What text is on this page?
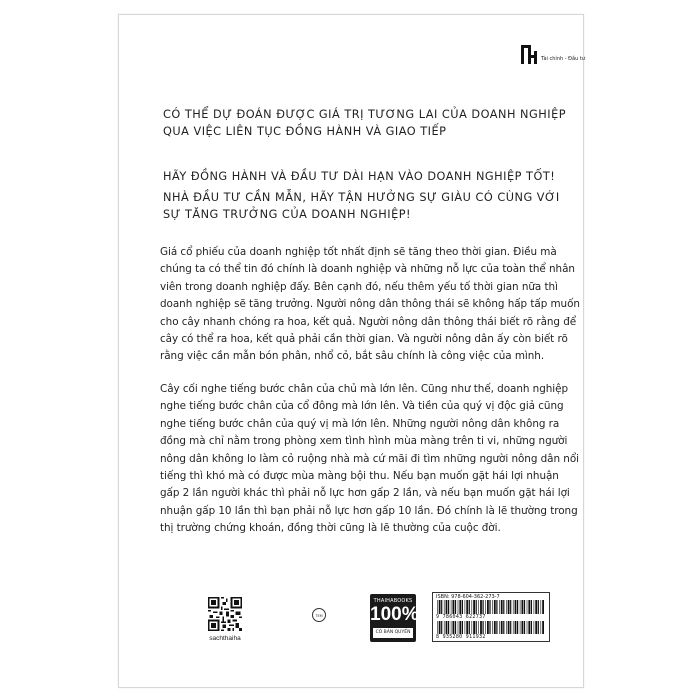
Tài chính - Đầu tư

CÓ THỂ DỰ ĐOÁN ĐƯỢC GIÁ TRỊ TƯƠNG LAI CỦA DOANH NGHIỆP QUA VIỆC LIÊN TỤC ĐỒNG HÀNH VÀ GIAO TIẾP

HÃY ĐỒNG HÀNH VÀ ĐẦU TƯ DÀI HẠN VÀO DOANH NGHIỆP TỐT!

NHÀ ĐẦU TƯ CẦN MẪN, HÃY TẬN HƯỞNG SỰ GIÀU CÓ CÙNG VỚI SỰ TĂNG TRƯỞNG CỦA DOANH NGHIỆP!

Giá cổ phiếu của doanh nghiệp tốt nhất định sẽ tăng theo thời gian. Điều mà chúng ta có thể tin đó chính là doanh nghiệp và những nỗ lực của toàn thể nhân viên trong doanh nghiệp đấy. Bên cạnh đó, nếu thêm yếu tố thời gian nữa thì doanh nghiệp sẽ tăng trưởng. Người nông dân thông thái sẽ không hấp tấp muốn cho cây nhanh chóng ra hoa, kết quả. Người nông dân thông thái biết rõ rằng để cây có thể ra hoa, kết quả phải cần thời gian. Và người nông dân ấy còn biết rõ rằng việc cần mẫn bón phân, nhổ cỏ, bắt sâu chính là công việc của mình.

Cây cối nghe tiếng bước chân của chủ mà lớn lên. Cũng như thế, doanh nghiệp nghe tiếng bước chân của cổ đông mà lớn lên. Và tiền của quý vị độc giả cũng nghe tiếng bước chân của quý vị mà lớn lên. Những người nông dân không ra đồng mà chỉ nằm trong phòng xem tình hình mùa màng trên ti vi, những người nông dân không lo làm cỏ ruộng nhà mà cứ mãi đi tìm những người nông dân nổi tiếng thì khó mà có được mùa màng bội thu. Nếu bạn muốn gặt hái lợi nhuận gấp 2 lần người khác thì phải nỗ lực hơn gấp 2 lần, và nếu bạn muốn gặt hái lợi nhuận gấp 10 lần thì bạn phải nỗ lực hơn gấp 10 lần. Đó chính là lẽ thường trong thị trường chứng khoán, đồng thời cũng là lẽ thường của cuộc đời.

sachthaiha
TEM
THAIHABOOKS
100%
CÓ BẢN QUYỀN
ISBN: 978-604-362-273-7
9 786043 622737
8 935280 911932
